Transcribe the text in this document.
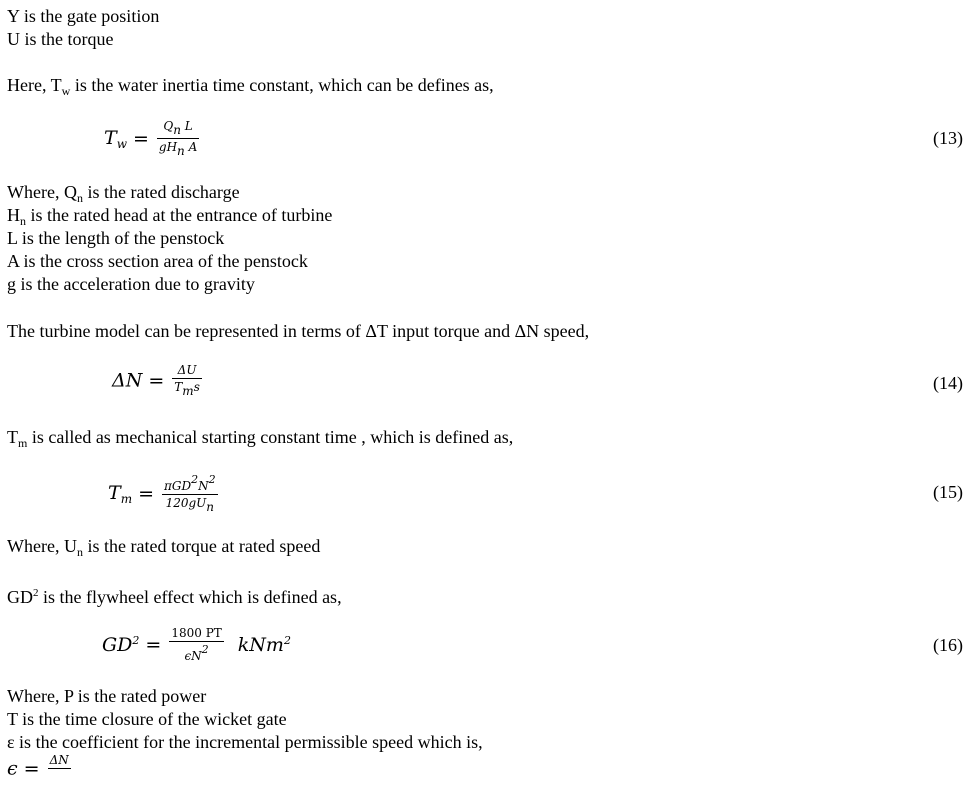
Y is the gate position
U is the torque
Here, $T_w$ is the water inertia time constant, which can be defines as,
$T_w = \frac{Q_n L}{gH_n A}$	(13)
Where, $Q_n$ is the rated discharge
$H_n$ is the rated head at the entrance of turbine
L is the length of the penstock
A is the cross section area of the penstock
g is the acceleration due to gravity
The turbine model can be represented in terms of ΔT input torque and ΔN speed,
$\Delta N = \frac{\Delta U}{T_ms}$	(14)
$T_m$ is called as mechanical starting constant time , which is defined as,
$T_m = \frac{\pi GD^2N^2}{120gU_n}$	(15)
Where, $U_n$ is the rated torque at rated speed
$GD^2$ is the flywheel effect which is defined as,
$GD^2 = \frac{1800 PT}{\epsilon N^2} kNm^2$	(16)
Where, P is the rated power
T is the time closure of the wicket gate
ε is the coefficient for the incremental permissible speed which is,
ϵ = ΔN
